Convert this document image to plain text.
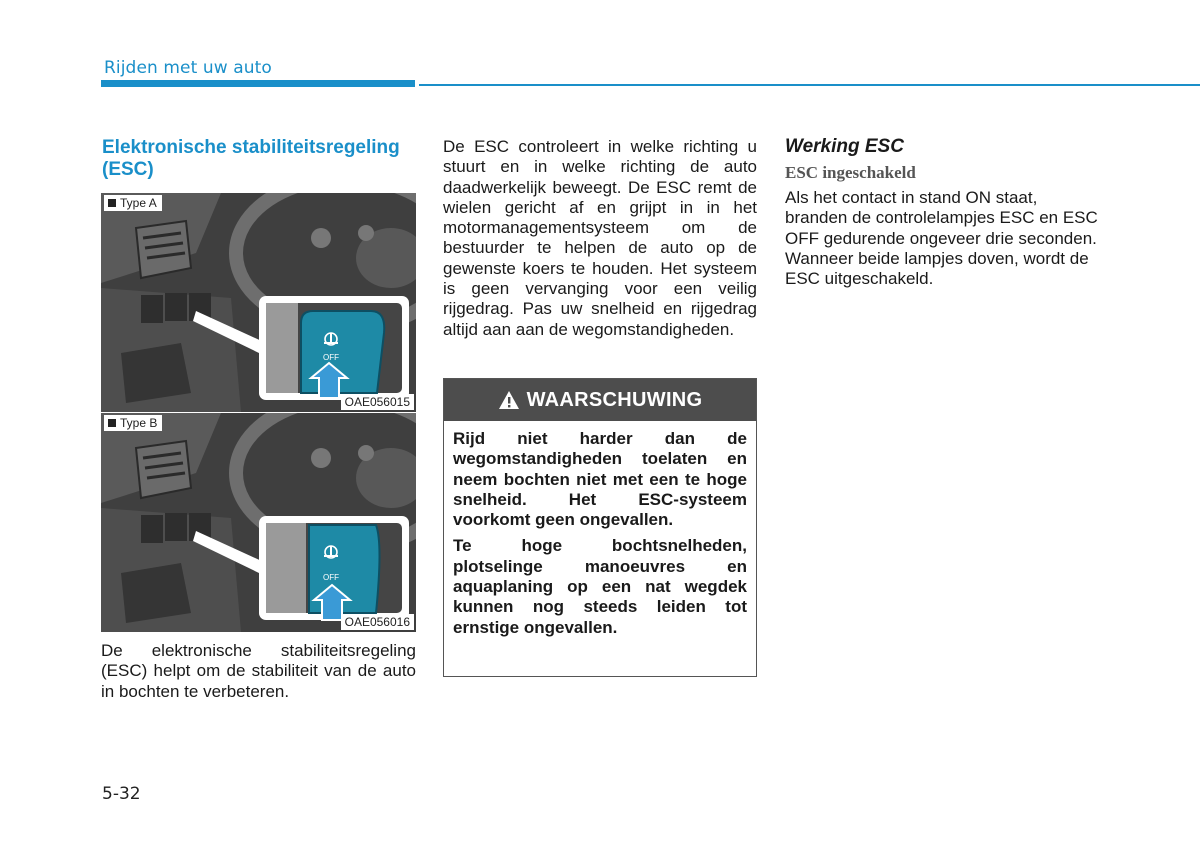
Rijden met uw auto
Elektronische stabiliteitsregeling (ESC)
OFF
Type A
OAE056015
OFF
Type B
OAE056016
De elektronische stabiliteitsregeling (ESC) helpt om de stabiliteit van de auto in bochten te verbeteren.
De ESC controleert in welke richting u stuurt en in welke richting de auto daadwerkelijk beweegt. De ESC remt de wielen gericht af en grijpt in in het motormanagementsysteem om de bestuurder te helpen de auto op de gewenste koers te houden. Het systeem is geen vervanging voor een veilig rijgedrag. Pas uw snelheid en rijgedrag altijd aan aan de wegomstandigheden.
WAARSCHUWING

Rijd niet harder dan de wegomstandigheden toelaten en neem bochten niet met een te hoge snelheid. Het ESC-systeem voorkomt geen ongevallen.

Te hoge bochtsnelheden, plotselinge manoeuvres en aquaplaning op een nat wegdek kunnen nog steeds leiden tot ernstige ongevallen.

Werking ESC
ESC ingeschakeld
Als het contact in stand ON staat, branden de controlelampjes ESC en ESC OFF gedurende ongeveer drie seconden. Wanneer beide lampjes doven, wordt de ESC uitgeschakeld.
5-32
